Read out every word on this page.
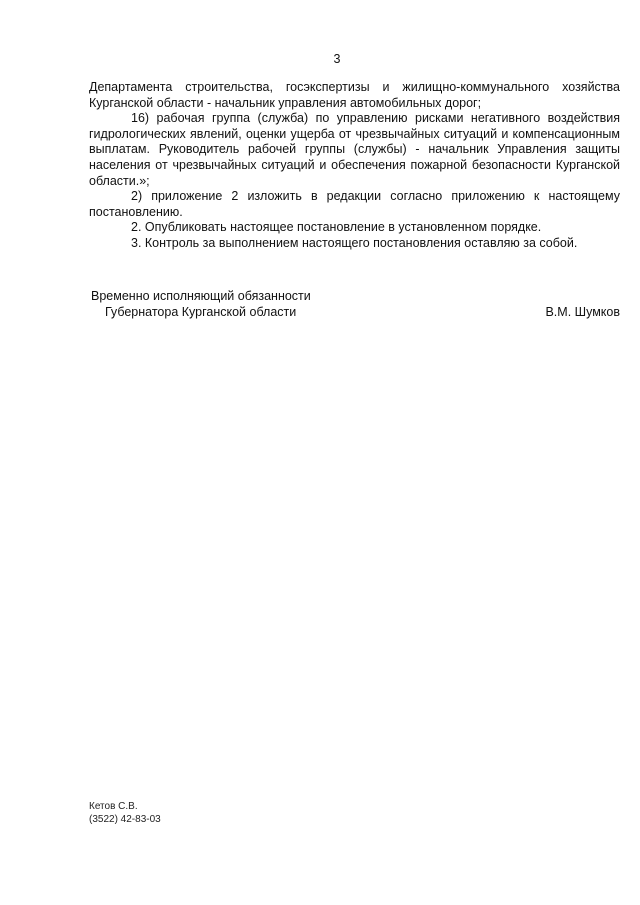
3

Департамента строительства, госэкспертизы и жилищно-коммунального хозяйства Курганской области - начальник управления автомобильных дорог;

16) рабочая группа (служба) по управлению рисками негативного воздействия гидрологических явлений, оценки ущерба от чрезвычайных ситуаций и компенсационным выплатам. Руководитель рабочей группы (службы) - начальник Управления защиты населения от чрезвычайных ситуаций и обеспечения пожарной безопасности Курганской области.»;

2) приложение 2 изложить в редакции согласно приложению к настоящему постановлению.

2. Опубликовать настоящее постановление в установленном порядке.

3. Контроль за выполнением настоящего постановления оставляю за собой.

Временно исполняющий обязанности
Губернатора Курганской области	В.М. Шумков
Кетов С.В.
(3522) 42-83-03
